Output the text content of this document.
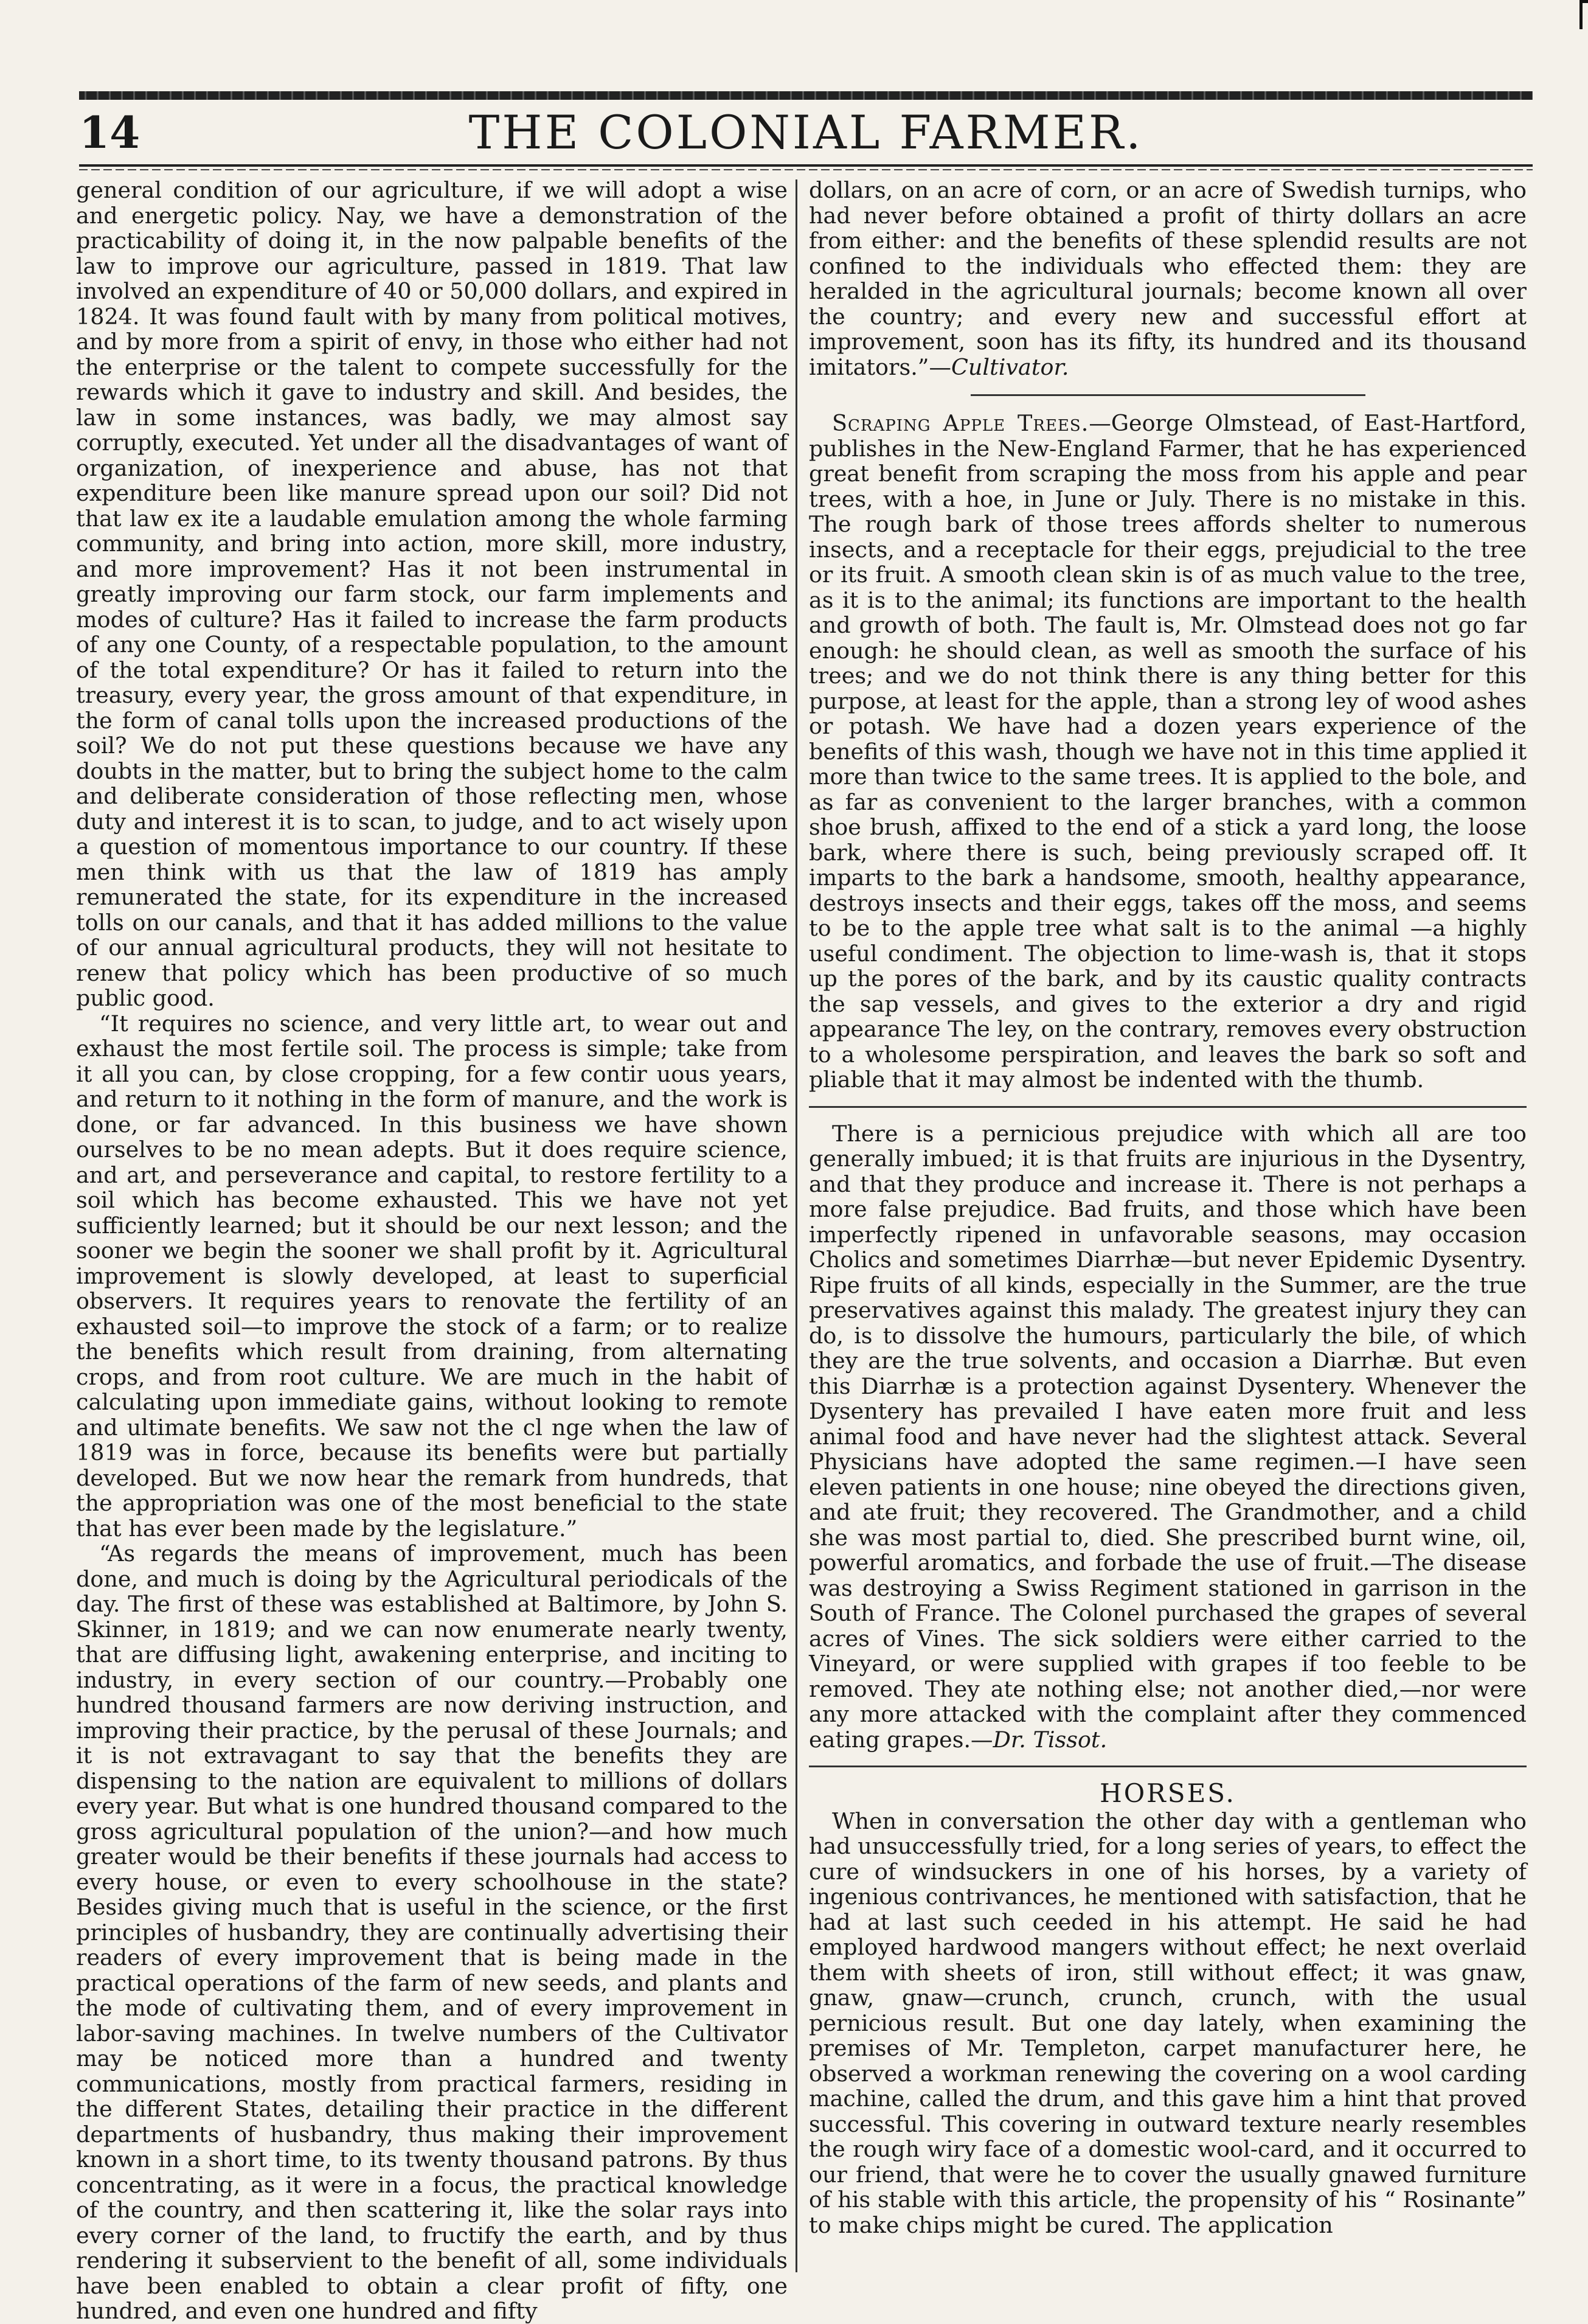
14	THE COLONIAL FARMER.

general condition of our agriculture, if we will adopt a wise and energetic policy. Nay, we have a demonstration of the practicability of doing it, in the now palpable benefits of the law to improve our agriculture, passed in 1819. That law involved an expenditure of 40 or 50,000 dollars, and expired in 1824. It was found fault with by many from political motives, and by more from a spirit of envy, in those who either had not the enterprise or the talent to compete successfully for the rewards which it gave to industry and skill. And besides, the law in some instances, was badly, we may almost say corruptly, executed. Yet under all the disadvantages of want of organization, of inexperience and abuse, has not that expenditure been like manure spread upon our soil? Did not that law ex ite a laudable emulation among the whole farming community, and bring into action, more skill, more industry, and more improvement? Has it not been instrumental in greatly improving our farm stock, our farm implements and modes of culture? Has it failed to increase the farm products of any one County, of a respectable population, to the amount of the total expenditure? Or has it failed to return into the treasury, every year, the gross amount of that expenditure, in the form of canal tolls upon the increased productions of the soil? We do not put these questions because we have any doubts in the matter, but to bring the subject home to the calm and deliberate consideration of those reflecting men, whose duty and interest it is to scan, to judge, and to act wisely upon a question of momentous importance to our country. If these men think with us that the law of 1819 has amply remunerated the state, for its expenditure in the increased tolls on our canals, and that it has added millions to the value of our annual agricultural products, they will not hesitate to renew that policy which has been productive of so much public good.

“It requires no science, and very little art, to wear out and exhaust the most fertile soil. The process is simple; take from it all you can, by close cropping, for a few contir uous years, and return to it nothing in the form of manure, and the work is done, or far advanced. In this business we have shown ourselves to be no mean adepts. But it does require science, and art, and perseverance and capital, to restore fertility to a soil which has become exhausted. This we have not yet sufficiently learned; but it should be our next lesson; and the sooner we begin the sooner we shall profit by it. Agricultural improvement is slowly developed, at least to superficial observers. It requires years to renovate the fertility of an exhausted soil—to improve the stock of a farm; or to realize the benefits which result from draining, from alternating crops, and from root culture. We are much in the habit of calculating upon immediate gains, without looking to remote and ultimate benefits. We saw not the cl nge when the law of 1819 was in force, because its benefits were but partially developed. But we now hear the remark from hundreds, that the appropriation was one of the most beneficial to the state that has ever been made by the legislature.”

“As regards the means of improvement, much has been done, and much is doing by the Agricultural periodicals of the day. The first of these was established at Baltimore, by John S. Skinner, in 1819; and we can now enumerate nearly twenty, that are diffusing light, awakening enterprise, and inciting to industry, in every section of our country.—Probably one hundred thousand farmers are now deriving instruction, and improving their practice, by the perusal of these Journals; and it is not extravagant to say that the benefits they are dispensing to the nation are equivalent to millions of dollars every year. But what is one hundred thousand compared to the gross agricultural population of the union?—and how much greater would be their benefits if these journals had access to every house, or even to every schoolhouse in the state? Besides giving much that is useful in the science, or the first principles of husbandry, they are continually advertising their readers of every improvement that is being made in the practical operations of the farm of new seeds, and plants and the mode of cultivating them, and of every improvement in labor-saving machines. In twelve numbers of the Cultivator may be noticed more than a hundred and twenty communications, mostly from practical farmers, residing in the different States, detailing their practice in the different departments of husbandry, thus making their improvement known in a short time, to its twenty thousand patrons. By thus concentrating, as it were in a focus, the practical knowledge of the country, and then scattering it, like the solar rays into every corner of the land, to fructify the earth, and by thus rendering it subservient to the benefit of all, some individuals have been enabled to obtain a clear profit of fifty, one hundred, and even one hundred and fifty

dollars, on an acre of corn, or an acre of Swedish turnips, who had never before obtained a profit of thirty dollars an acre from either: and the benefits of these splendid results are not confined to the individuals who effected them: they are heralded in the agricultural journals; become known all over the country; and every new and successful effort at improvement, soon has its fifty, its hundred and its thousand imitators.”—Cultivator.

Scraping Apple Trees.—George Olmstead, of East-Hartford, publishes in the New-England Farmer, that he has experienced great benefit from scraping the moss from his apple and pear trees, with a hoe, in June or July. There is no mistake in this. The rough bark of those trees affords shelter to numerous insects, and a receptacle for their eggs, prejudicial to the tree or its fruit. A smooth clean skin is of as much value to the tree, as it is to the animal; its functions are important to the health and growth of both. The fault is, Mr. Olmstead does not go far enough: he should clean, as well as smooth the surface of his trees; and we do not think there is any thing better for this purpose, at least for the apple, than a strong ley of wood ashes or potash. We have had a dozen years experience of the benefits of this wash, though we have not in this time applied it more than twice to the same trees. It is applied to the bole, and as far as convenient to the larger branches, with a common shoe brush, affixed to the end of a stick a yard long, the loose bark, where there is such, being previously scraped off. It imparts to the bark a handsome, smooth, healthy appearance, destroys insects and their eggs, takes off the moss, and seems to be to the apple tree what salt is to the animal —a highly useful condiment. The objection to lime-wash is, that it stops up the pores of the bark, and by its caustic quality contracts the sap vessels, and gives to the exterior a dry and rigid appearance The ley, on the contrary, removes every obstruction to a wholesome perspiration, and leaves the bark so soft and pliable that it may almost be indented with the thumb.

There is a pernicious prejudice with which all are too generally imbued; it is that fruits are injurious in the Dysentry, and that they produce and increase it. There is not perhaps a more false prejudice. Bad fruits, and those which have been imperfectly ripened in unfavorable seasons, may occasion Cholics and sometimes Diarrhæ—but never Epidemic Dysentry. Ripe fruits of all kinds, especially in the Summer, are the true preservatives against this malady. The greatest injury they can do, is to dissolve the humours, particularly the bile, of which they are the true solvents, and occasion a Diarrhæ. But even this Diarrhæ is a protection against Dysentery. Whenever the Dysentery has prevailed I have eaten more fruit and less animal food and have never had the slightest attack. Several Physicians have adopted the same regimen.—I have seen eleven patients in one house; nine obeyed the directions given, and ate fruit; they recovered. The Grandmother, and a child she was most partial to, died. She prescribed burnt wine, oil, powerful aromatics, and forbade the use of fruit.—The disease was destroying a Swiss Regiment stationed in garrison in the South of France. The Colonel purchased the grapes of several acres of Vines. The sick soldiers were either carried to the Vineyard, or were supplied with grapes if too feeble to be removed. They ate nothing else; not another died,—nor were any more attacked with the complaint after they commenced eating grapes.—Dr. Tissot.

HORSES.

When in conversation the other day with a gentleman who had unsuccessfully tried, for a long series of years, to effect the cure of windsuckers in one of his horses, by a variety of ingenious contrivances, he mentioned with satisfaction, that he had at last such ceeded in his attempt. He said he had employed hardwood mangers without effect; he next overlaid them with sheets of iron, still without effect; it was gnaw, gnaw, gnaw—crunch, crunch, crunch, with the usual pernicious result. But one day lately, when examining the premises of Mr. Templeton, carpet manufacturer here, he observed a workman renewing the covering on a wool carding machine, called the drum, and this gave him a hint that proved successful. This covering in outward texture nearly resembles the rough wiry face of a domestic wool-card, and it occurred to our friend, that were he to cover the usually gnawed furniture of his stable with this article, the propensity of his “ Rosinante” to make chips might be cured. The application
